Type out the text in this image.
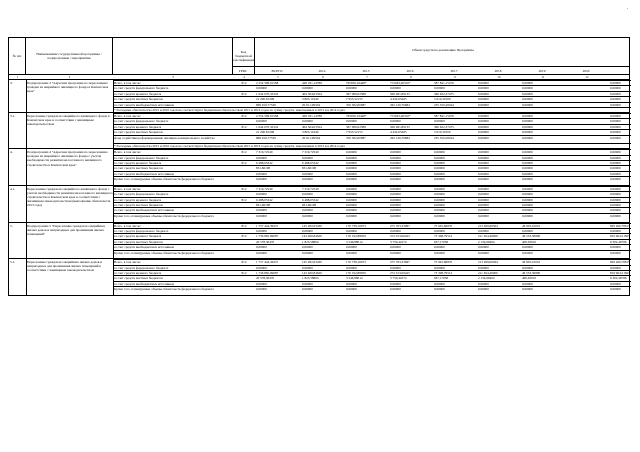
'
№ п/п	Наименование государственной программы / подпрограммы / мероприятия
Код бюджетной классификации
Объем средств на реализацию Программы
ГРБС	ВСЕГО	2014	2015	2016	2017	2018	2019	2020
1	2	3	4	5	6	7	8	9	10	11	12
3.	Подпрограмма 3 "Адресная программа по переселению граждан из аварийного жилищного фонда в Камчатском крае"
Всего, в том числе:	812	2 554 599,91568	428 181,14788	765656,16448*	772043,46316*	587 841,15476	0,00000	0,00000	0,00000
за счет средств федерального бюджета	0,00000	0,00000	0,00000	0,00000	0,00000	0,00000	0,00000	0,00000
за счет средств краевого бюджета	812	1 644 670,32322	404 564,03324	367 089,02588	506 481,89135	366 622,37475	0,00000	0,00000	0,00000
за счет средств местных бюджетов	21 200,81209	3 805,11940	7 953,52155	4 432,65495	5 010,32500	0,00000	0,00000	0,00000
за счет средств внебюджетных источников	868 450,77539	20 611,99504	350 362,00087	262 126,76684	235 350,28244	0,00000	0,00000	0,00000
* Расходные обязательства 2015 и 2016 годов не соответствуют бюджетным обязательствам 2015 и 2016 годов на сумму средств, накопленных в 2013 и в 2014 годах
3.1.	Переселение граждан из аварийного жилищного фонда в Камчатском крае в соответствии с жилищным законодательством
Всего, в том числе:	812	2 554 599,91568	428 181,14788	765656,16448*	772043,46316*	587 841,15476	0,00000	0,00000	0,00000
за счет средств федерального бюджета	0,00000	0,00000	0,00000	0,00000	0,00000	0,00000	0,00000	0,00000
за счет средств краевого бюджета	812	1 644 670,32322	404 564,03324	367 089,02588	506 481,89135	366 622,37475	0,00000	0,00000	0,00000
за счет средств местных бюджетов	21 200,81209	3 805,11940	7 953,52155	4 432,65495	5 010,32500	0,00000	0,00000	0,00000
фонд содействия реформированию жилищно-коммунального хозяйства	868 450,77539	20 611,99504	350 362,00087	262 126,76684	235 350,28244	0,00000	0,00000	0,00000
* Расходные обязательства 2015 и 2016 годов не соответствуют бюджетным обязательствам 2015 и 2016 годов на сумму средств, накопленных в 2013 и в 2014 годах
4.	Подпрограмма 4 "Адресная программа по переселению граждан из аварийного жилищного фонда с учетом необходимости развития малоэтажного жилищного строительства в Камчатском крае"
Всего, в том числе:	812	7 319,72540	7 319,72540	0,00000	0,00000	0,00000	0,00000	0,00000	0,00000
за счет средств федерального бюджета	0,00000	0,00000	0,00000	0,00000	0,00000	0,00000	0,00000	0,00000
за счет средств краевого бюджета	812	6 488,05342	6 488,05342	0,00000	0,00000	0,00000	0,00000	0,00000	0,00000
за счет средств местных бюджетов	831,66198	831,66198	0,00000	0,00000	0,00000	0,00000	0,00000	0,00000
за счет средств внебюджетных источников	0,00000	0,00000	0,00000	0,00000	0,00000	0,00000	0,00000	0,00000
Кроме того, планируемые объемы обязательств федерального бюджета	0,00000	0,00000	0,00000	0,00000	0,00000	0,00000	0,00000	0,00000
4.1.	Переселение граждан из аварийного жилищного фонда с учетом необходимости развития малоэтажного жилищного строительства в Камчатском крае в соответствии с жилищным законодательством (выполнение обязательств 2013 года)
Всего, в том числе:	812	7 319,72540	7 319,72540	0,00000	0,00000	0,00000	0,00000	0,00000	0,00000
за счет средств федерального бюджета	0,00000	0,00000	0,00000	0,00000	0,00000	0,00000	0,00000	0,00000
за счет средств краевого бюджета	812	6 488,05342	6 488,05342	0,00000	0,00000	0,00000	0,00000	0,00000	0,00000
за счет средств местных бюджетов	831,66198	831,66198	0,00000	0,00000	0,00000	0,00000	0,00000	0,00000
за счет средств внебюджетных источников	0,00000	0,00000	0,00000	0,00000	0,00000	0,00000	0,00000	0,00000
Кроме того, планируемые объемы обязательств федерального бюджета	0,00000	0,00000	0,00000	0,00000	0,00000	0,00000	0,00000	0,00000
5.	Подпрограмма 5 "Переселение граждан из аварийных жилых домов и непригодных для проживания жилых помещений"
Всего, в том числе:	812	1 757 444,36457	145 282,63430	170 738,16073	275 763,33997	75 945,86870	213 499,66564	46 903,01010	829 266,78615
за счет средств федерального бюджета	0,00000	0,00000	0,00000	0,00000	0,00000	0,00000	0,00000	0,00000
за счет средств краевого бюджета	812	1 736 865,99087	143 460,84626	176 192,88059	272 013,06425	73 308,79512	211 364,40000	46 553,36800	819 964,51827
за счет средств местных бюджетов	20 578,36470	1 823,58804	3 546,88014	3 750,42274	637,17058	2 134,99464	400,63010	9 302,46786
за счет средств внебюджетных источников	0,00000	0,00000	0,00000	0,00000	0,00000	0,00000	0,00000	0,00000
Кроме того, планируемые объемы обязательств федерального бюджета	0,00000	0,00000	0,00000	0,00000	0,00000	0,00000	0,00000	0,00000
5.1.	Переселение граждан из аварийных жилых домов и непригодных для проживания жилых помещений в соответствии с жилищным законодательством
Всего, в том числе:	812	1 757 444,36457	145 282,63430	170 738,16073	275 763,33997	75 945,86870	213 499,66564	46 903,01010	829 266,78615
за счет средств федерального бюджета	0,00000	0,00000	0,00000	0,00000	0,00000	0,00000	0,00000	0,00000
за счет средств краевого бюджета	812	1 736 865,99087	143 460,84626	176 192,88059	272 013,06425	73 308,79512	211 364,40000	46 553,36800	819 964,51827
за счет средств местных бюджетов	20 578,36470	1 823,58804	3 546,88014	3 750,42274	637,17058	2 134,99464	400,63010	9 302,46786
за счет средств внебюджетных источников	0,00000	0,00000	0,00000	0,00000	0,00000	0,00000	0,00000	0,00000
Кроме того, планируемые объемы обязательств федерального бюджета	0,00000	0,00000	0,00000	0,00000	0,00000	0,00000	0,00000	0,00000
